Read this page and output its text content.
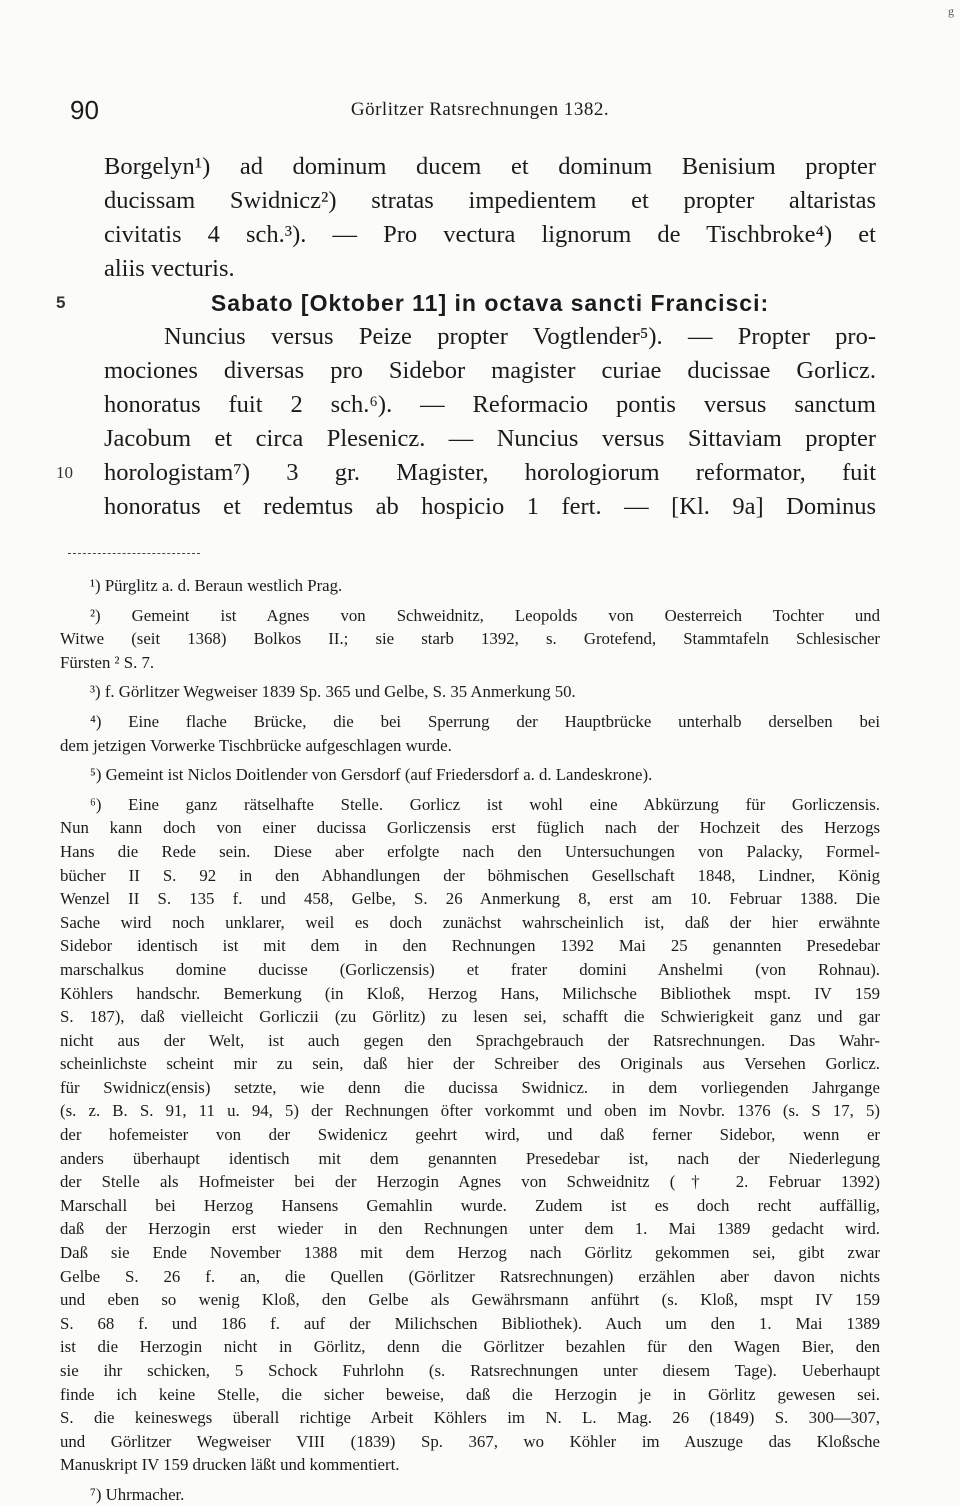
g
90	Görlitzer Ratsrechnungen 1382.
Borgelyn¹) ad dominum ducem et dominum Benisium propter
ducissam Swidnicz²) stratas impedientem et propter altaristas
civitatis 4 sch.³). — Pro vectura lignorum de Tischbroke⁴) et
aliis vecturis.
Sabato [Oktober 11] in octava sancti Francisci:
5
Nuncius versus Peize propter Vogtlender⁵). — Propter pro-
mociones diversas pro Sidebor magister curiae ducissae Gorlicz.
honoratus fuit 2 sch.⁶). — Reformacio pontis versus sanctum
Jacobum et circa Plesenicz. — Nuncius versus Sittaviam propter
horologistam⁷) 3 gr. Magister, horologiorum reformator, fuit
10
honoratus et redemtus ab hospicio 1 fert. — [Kl. 9a] Dominus
¹) Pürglitz a. d. Beraun westlich Prag.
²) Gemeint ist Agnes von Schweidnitz, Leopolds von Oesterreich Tochter und
Witwe (seit 1368) Bolkos II.; sie starb 1392, s. Grotefend, Stammtafeln Schlesischer
Fürsten ² S. 7.
³) f. Görlitzer Wegweiser 1839 Sp. 365 und Gelbe, S. 35 Anmerkung 50.
⁴) Eine flache Brücke, die bei Sperrung der Hauptbrücke unterhalb derselben bei
dem jetzigen Vorwerke Tischbrücke aufgeschlagen wurde.
⁵) Gemeint ist Niclos Doitlender von Gersdorf (auf Friedersdorf a. d. Landeskrone).
⁶) Eine ganz rätselhafte Stelle. Gorlicz ist wohl eine Abkürzung für Gorliczensis.
Nun kann doch von einer ducissa Gorliczensis erst füglich nach der Hochzeit des Herzogs
Hans die Rede sein. Diese aber erfolgte nach den Untersuchungen von Palacky, Formel-
bücher II S. 92 in den Abhandlungen der böhmischen Gesellschaft 1848, Lindner, König
Wenzel II S. 135 f. und 458, Gelbe, S. 26 Anmerkung 8, erst am 10. Februar 1388. Die
Sache wird noch unklarer, weil es doch zunächst wahrscheinlich ist, daß der hier erwähnte
Sidebor identisch ist mit dem in den Rechnungen 1392 Mai 25 genannten Presedebar
marschalkus domine ducisse (Gorliczensis) et frater domini Anshelmi (von Rohnau).
Köhlers handschr. Bemerkung (in Kloß, Herzog Hans, Milichsche Bibliothek mspt. IV 159
S. 187), daß vielleicht Gorliczii (zu Görlitz) zu lesen sei, schafft die Schwierigkeit ganz und gar
nicht aus der Welt, ist auch gegen den Sprachgebrauch der Ratsrechnungen. Das Wahr-
scheinlichste scheint mir zu sein, daß hier der Schreiber des Originals aus Versehen Gorlicz.
für Swidnicz(ensis) setzte, wie denn die ducissa Swidnicz. in dem vorliegenden Jahrgange
(s. z. B. S. 91, 11 u. 94, 5) der Rechnungen öfter vorkommt und oben im Novbr. 1376 (s. S 17, 5)
der hofemeister von der Swidenicz geehrt wird, und daß ferner Sidebor, wenn er
anders überhaupt identisch mit dem genannten Presedebar ist, nach der Niederlegung
der Stelle als Hofmeister bei der Herzogin Agnes von Schweidnitz († 2. Februar 1392)
Marschall bei Herzog Hansens Gemahlin wurde. Zudem ist es doch recht auffällig,
daß der Herzogin erst wieder in den Rechnungen unter dem 1. Mai 1389 gedacht wird.
Daß sie Ende November 1388 mit dem Herzog nach Görlitz gekommen sei, gibt zwar
Gelbe S. 26 f. an, die Quellen (Görlitzer Ratsrechnungen) erzählen aber davon nichts
und eben so wenig Kloß, den Gelbe als Gewährsmann anführt (s. Kloß, mspt IV 159
S. 68 f. und 186 f. auf der Milichschen Bibliothek). Auch um den 1. Mai 1389
ist die Herzogin nicht in Görlitz, denn die Görlitzer bezahlen für den Wagen Bier, den
sie ihr schicken, 5 Schock Fuhrlohn (s. Ratsrechnungen unter diesem Tage). Ueberhaupt
finde ich keine Stelle, die sicher beweise, daß die Herzogin je in Görlitz gewesen sei.
S. die keineswegs überall richtige Arbeit Köhlers im N. L. Mag. 26 (1849) S. 300—307,
und Görlitzer Wegweiser VIII (1839) Sp. 367, wo Köhler im Auszuge das Kloßsche
Manuskript IV 159 drucken läßt und kommentiert.
⁷) Uhrmacher.
